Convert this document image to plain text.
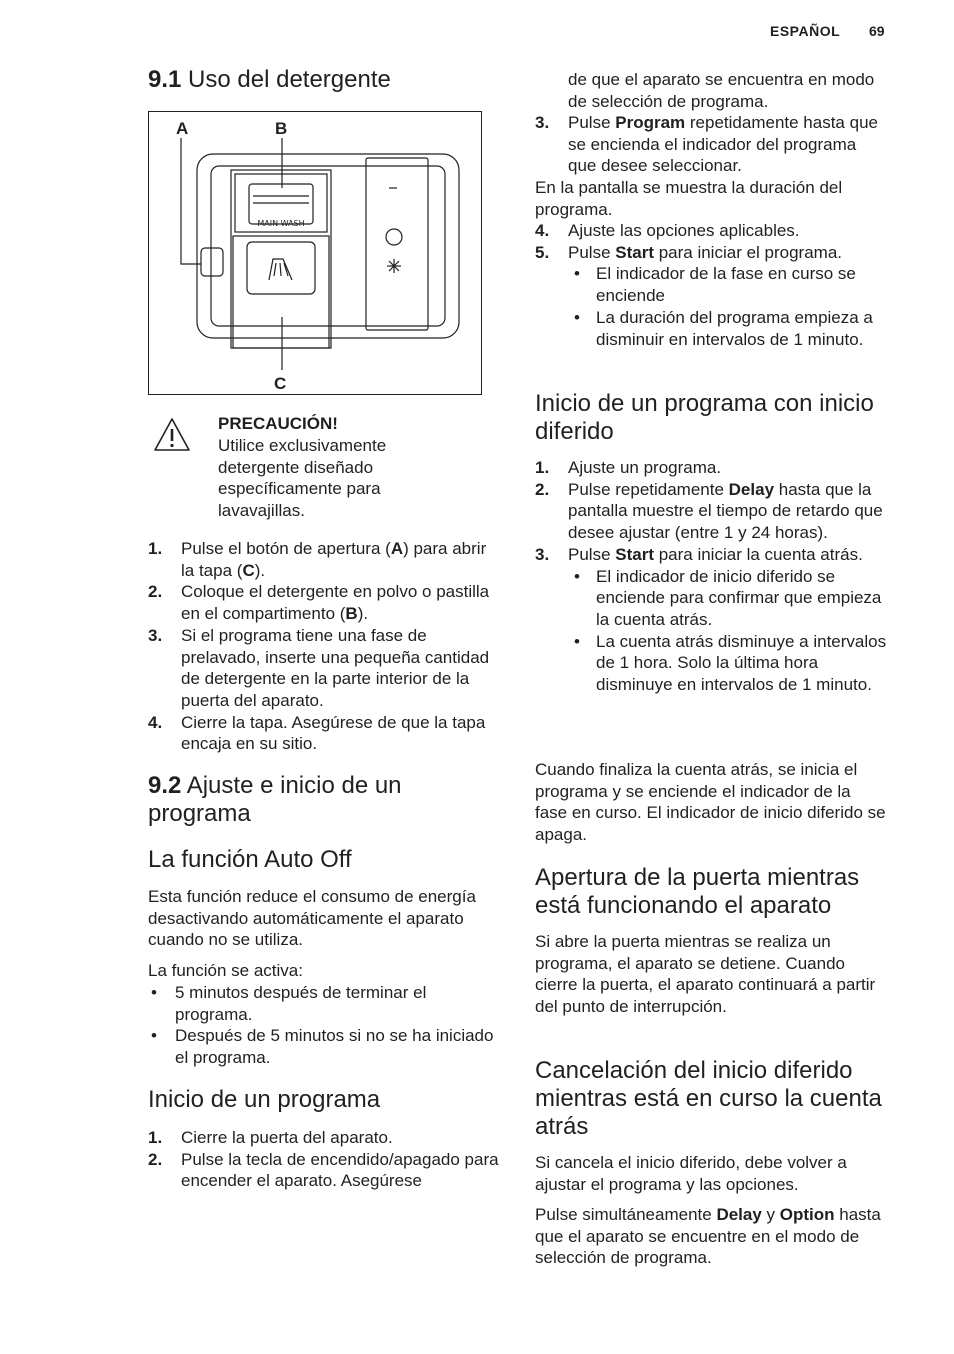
ESPAÑOL 69
9.1 Uso del detergente
MAIN WASH
A	B
C
PRECAUCIÓN!
Utilice exclusivamente
detergente diseñado
específicamente para
lavavajillas.
1. Pulse el botón de apertura (A) para abrir la tapa (C).
2. Coloque el detergente en polvo o pastilla en el compartimento (B).
3. Si el programa tiene una fase de prelavado, inserte una pequeña cantidad de detergente en la parte interior de la puerta del aparato.
4. Cierre la tapa. Asegúrese de que la tapa encaja en su sitio.
9.2 Ajuste e inicio de un programa
La función Auto Off
Esta función reduce el consumo de energía desactivando automáticamente el aparato cuando no se utiliza.
La función se activa:
• 5 minutos después de terminar el programa.
• Después de 5 minutos si no se ha iniciado el programa.
Inicio de un programa
1. Cierre la puerta del aparato.
2. Pulse la tecla de encendido/apagado para encender el aparato. Asegúrese
de que el aparato se encuentra en modo de selección de programa.
3. Pulse Program repetidamente hasta que se encienda el indicador del programa que desee seleccionar.
En la pantalla se muestra la duración del programa.
4. Ajuste las opciones aplicables.
5. Pulse Start para iniciar el programa.
• El indicador de la fase en curso se enciende
• La duración del programa empieza a disminuir en intervalos de 1 minuto.
Inicio de un programa con inicio diferido
1. Ajuste un programa.
2. Pulse repetidamente Delay hasta que la pantalla muestre el tiempo de retardo que desee ajustar (entre 1 y 24 horas).
3. Pulse Start para iniciar la cuenta atrás.
• El indicador de inicio diferido se enciende para confirmar que empieza la cuenta atrás.
• La cuenta atrás disminuye a intervalos de 1 hora. Solo la última hora disminuye en intervalos de 1 minuto.
Cuando finaliza la cuenta atrás, se inicia el programa y se enciende el indicador de la fase en curso. El indicador de inicio diferido se apaga.
Apertura de la puerta mientras está funcionando el aparato
Si abre la puerta mientras se realiza un programa, el aparato se detiene. Cuando cierre la puerta, el aparato continuará a partir del punto de interrupción.
Cancelación del inicio diferido mientras está en curso la cuenta atrás
Si cancela el inicio diferido, debe volver a ajustar el programa y las opciones.
Pulse simultáneamente Delay y Option hasta que el aparato se encuentre en el modo de selección de programa.
